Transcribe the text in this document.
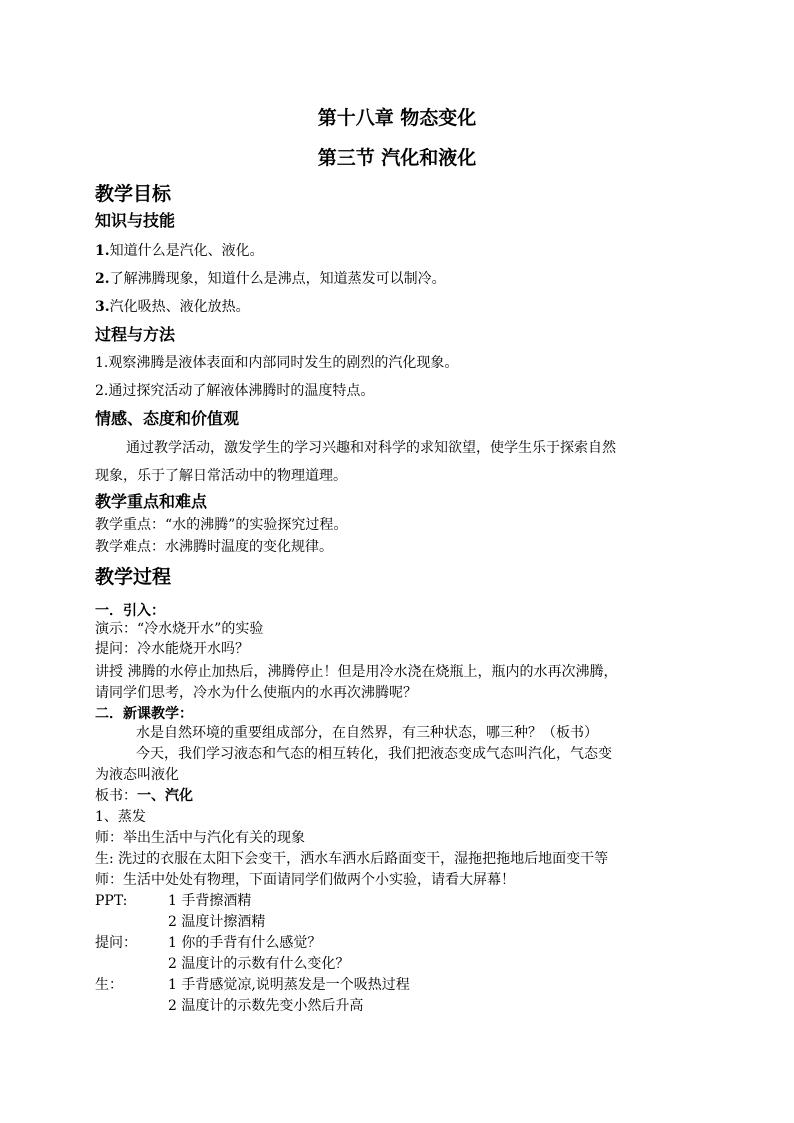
第十八章 物态变化
第三节 汽化和液化
教学目标
知识与技能
1.知道什么是汽化、液化。
2.了解沸腾现象，知道什么是沸点，知道蒸发可以制冷。
3.汽化吸热、液化放热。
过程与方法
1.观察沸腾是液体表面和内部同时发生的剧烈的汽化现象。
2.通过探究活动了解液体沸腾时的温度特点。
情感、态度和价值观
通过教学活动，激发学生的学习兴趣和对科学的求知欲望，使学生乐于探索自然
现象，乐于了解日常活动中的物理道理。
教学重点和难点
教学重点：“水的沸腾”的实验探究过程。
教学难点：水沸腾时温度的变化规律。
教学过程
一．引入：
演示：“冷水烧开水”的实验
提问：冷水能烧开水吗？
讲授 沸腾的水停止加热后，沸腾停止！但是用冷水浇在烧瓶上，瓶内的水再次沸腾，
请同学们思考，冷水为什么使瓶内的水再次沸腾呢？
二．新课教学：
水是自然环境的重要组成部分，在自然界，有三种状态，哪三种？（板书）
今天，我们学习液态和气态的相互转化，我们把液态变成气态叫汽化，气态变
为液态叫液化
板书：一、汽化
1、蒸发
师：举出生活中与汽化有关的现象
生: 洗过的衣服在太阳下会变干，洒水车洒水后路面变干，湿拖把拖地后地面变干等
师：生活中处处有物理，下面请同学们做两个小实验，请看大屏幕！
PPT:	1 手背擦酒精
2 温度计擦酒精
提问： 1 你的手背有什么感觉？
2 温度计的示数有什么变化？
生：	1 手背感觉凉,说明蒸发是一个吸热过程
2 温度计的示数先变小然后升高
